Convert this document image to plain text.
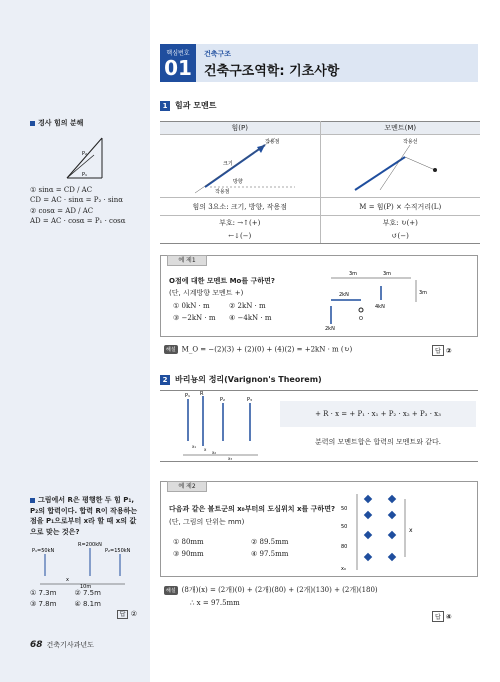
경사 힘의 분해
P₂
P₁
① sinα = CD / AC
CD = AC · sinα = P₂ · sinα
② cosα = AD / AC
AD = AC · cosα = P₁ · cosα
그림에서 R은 평행한 두 힘 P₁,
P₂의 합력이다. 합력 R이 작용하는
점을 P₁으로부터 x라 할 때 x의 값
으로 맞는 것은?
P₁=50kN
R=200kN
P₂=150kN
x
10m
① 7.3m	② 7.5m
③ 7.8m	④ 8.1m
답 ②
핵심번호
01
건축구조
건축구조역학: 기초사항
1 힘과 모멘트
힘(P)	모멘트(M)

작용점
크기
방향
작용점	작용선

힘의 3요소: 크기, 방향, 작용점	M = 힘(P) × 수직거리(L)
부호: →↑(+)	부호: ↻(+)
←↓(−)	↺(−)
예 제1
O점에 대한 모멘트 Mo를 구하면?
(단, 시계방향 모멘트 +)
① 0kN · m	② 2kN · m
③ −2kN · m ④ −4kN · m
3m	3m
3m
4kN
2kN
2kN
O
해설 M_O = −(2)(3) + (2)(0) + (4)(2) = +2kN · m (↻)	답 ②
2 바리뇽의 정리(Varignon's Theorem)
P₁ R
P₂	P₃
x₁
x
x₂
x₃
+ R · x = + P₁ · x₁ + P₂ · x₂ + P₃ · x₃
분력의 모멘트합은 합력의 모멘트와 같다.
예 제2
다음과 같은 볼트군의 x₀부터의 도심위치 x를 구하면?
(단, 그림의 단위는 mm)
① 80mm	② 89.5mm
③ 90mm	④ 97.5mm
50
50
80
x₀
x
해설 (8개)(x) = (2개)(0) + (2개)(80) + (2개)(130) + (2개)(180)
∴ x = 97.5mm
답 ④
68 건축기사과년도
